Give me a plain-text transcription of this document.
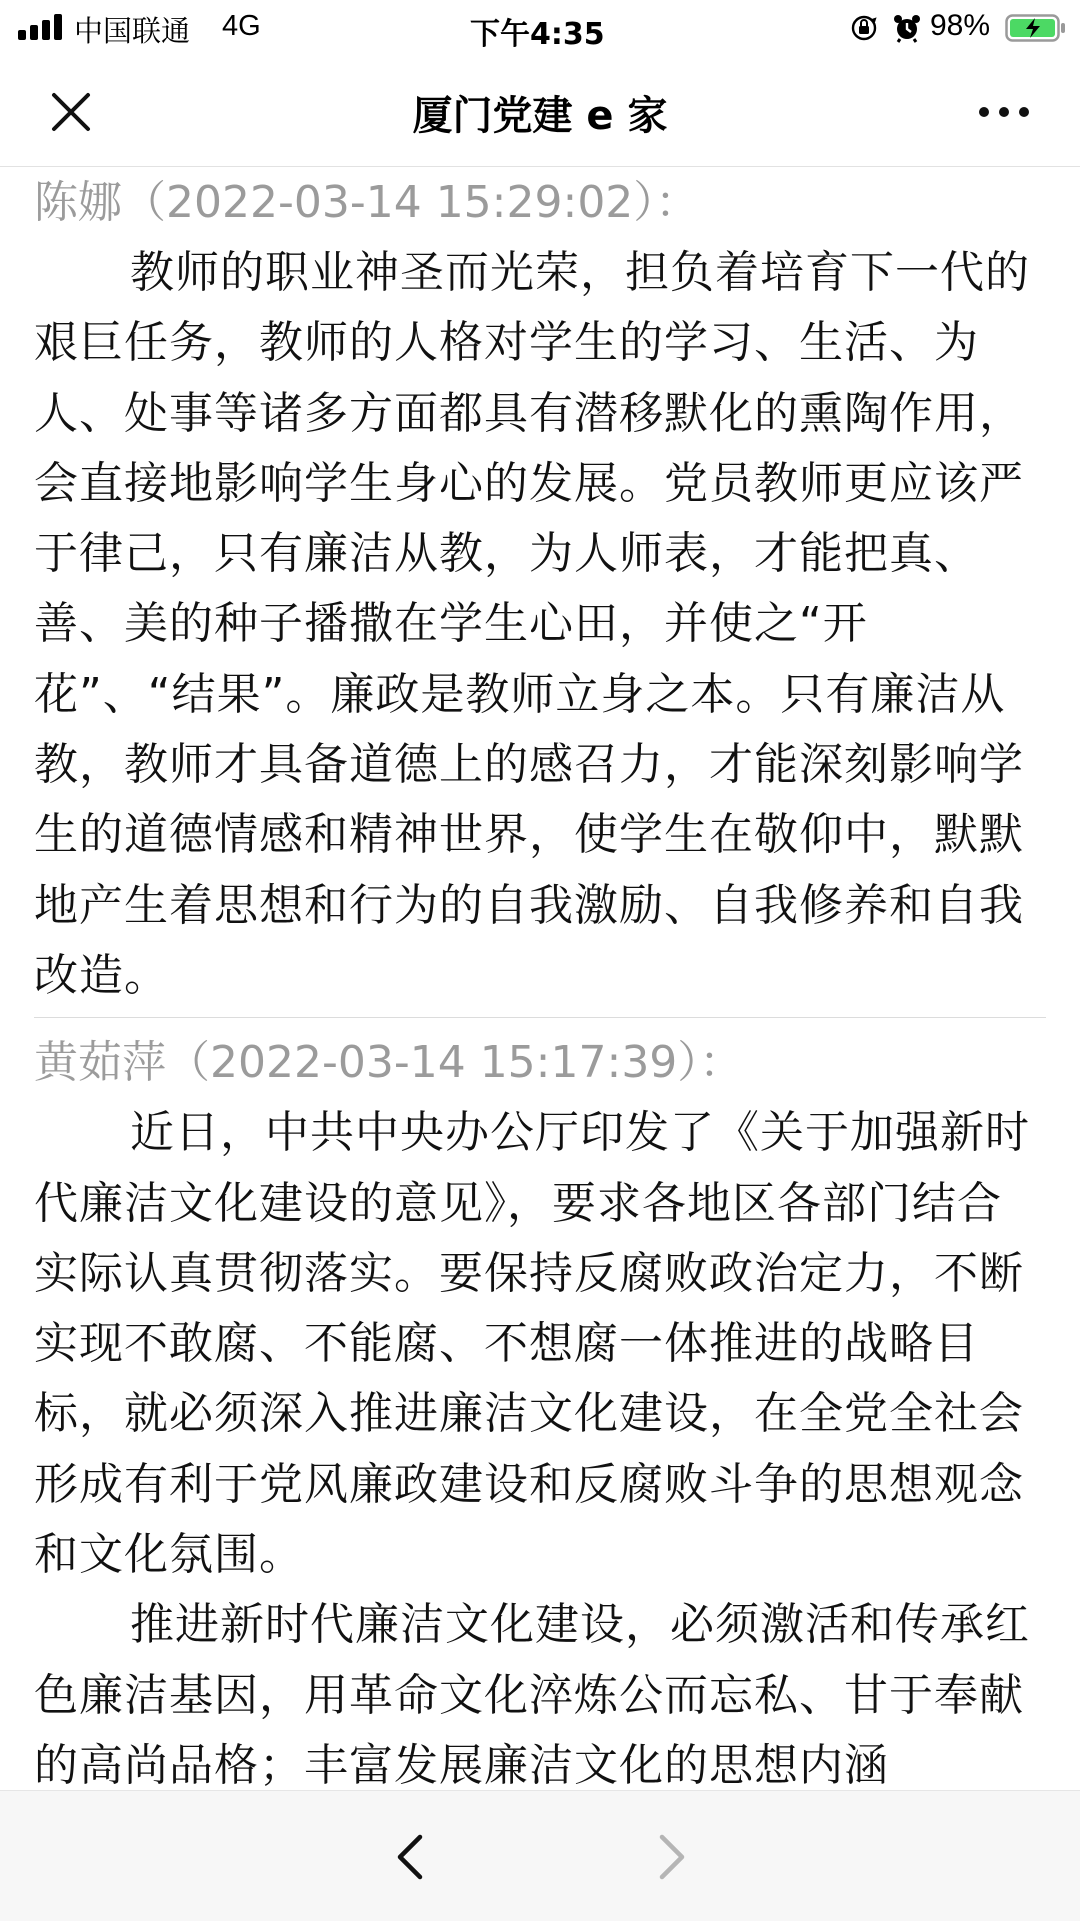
中国联通 4G	下午4:35	98%
厦门党建 e 家
陈娜（2022-03-14 15:29:02）：

教师的职业神圣而光荣，担负着培育下一代的艰巨任务，教师的人格对学生的学习、生活、为人、处事等诸多方面都具有潜移默化的熏陶作用，会直接地影响学生身心的发展。党员教师更应该严于律己，只有廉洁从教，为人师表，才能把真、善、美的种子播撒在学生心田，并使之“开花”、“结果”。廉政是教师立身之本。只有廉洁从教，教师才具备道德上的感召力，才能深刻影响学生的道德情感和精神世界，使学生在敬仰中，默默地产生着思想和行为的自我激励、自我修养和自我改造。

黄茹萍（2022-03-14 15:17:39）：

近日，中共中央办公厅印发了《关于加强新时代廉洁文化建设的意见》，要求各地区各部门结合实际认真贯彻落实。要保持反腐败政治定力，不断实现不敢腐、不能腐、不想腐一体推进的战略目标，就必须深入推进廉洁文化建设，在全党全社会形成有利于党风廉政建设和反腐败斗争的思想观念和文化氛围。

推进新时代廉洁文化建设，必须激活和传承红色廉洁基因，用革命文化淬炼公而忘私、甘于奉献的高尚品格；丰富发展廉洁文化的思想内涵
